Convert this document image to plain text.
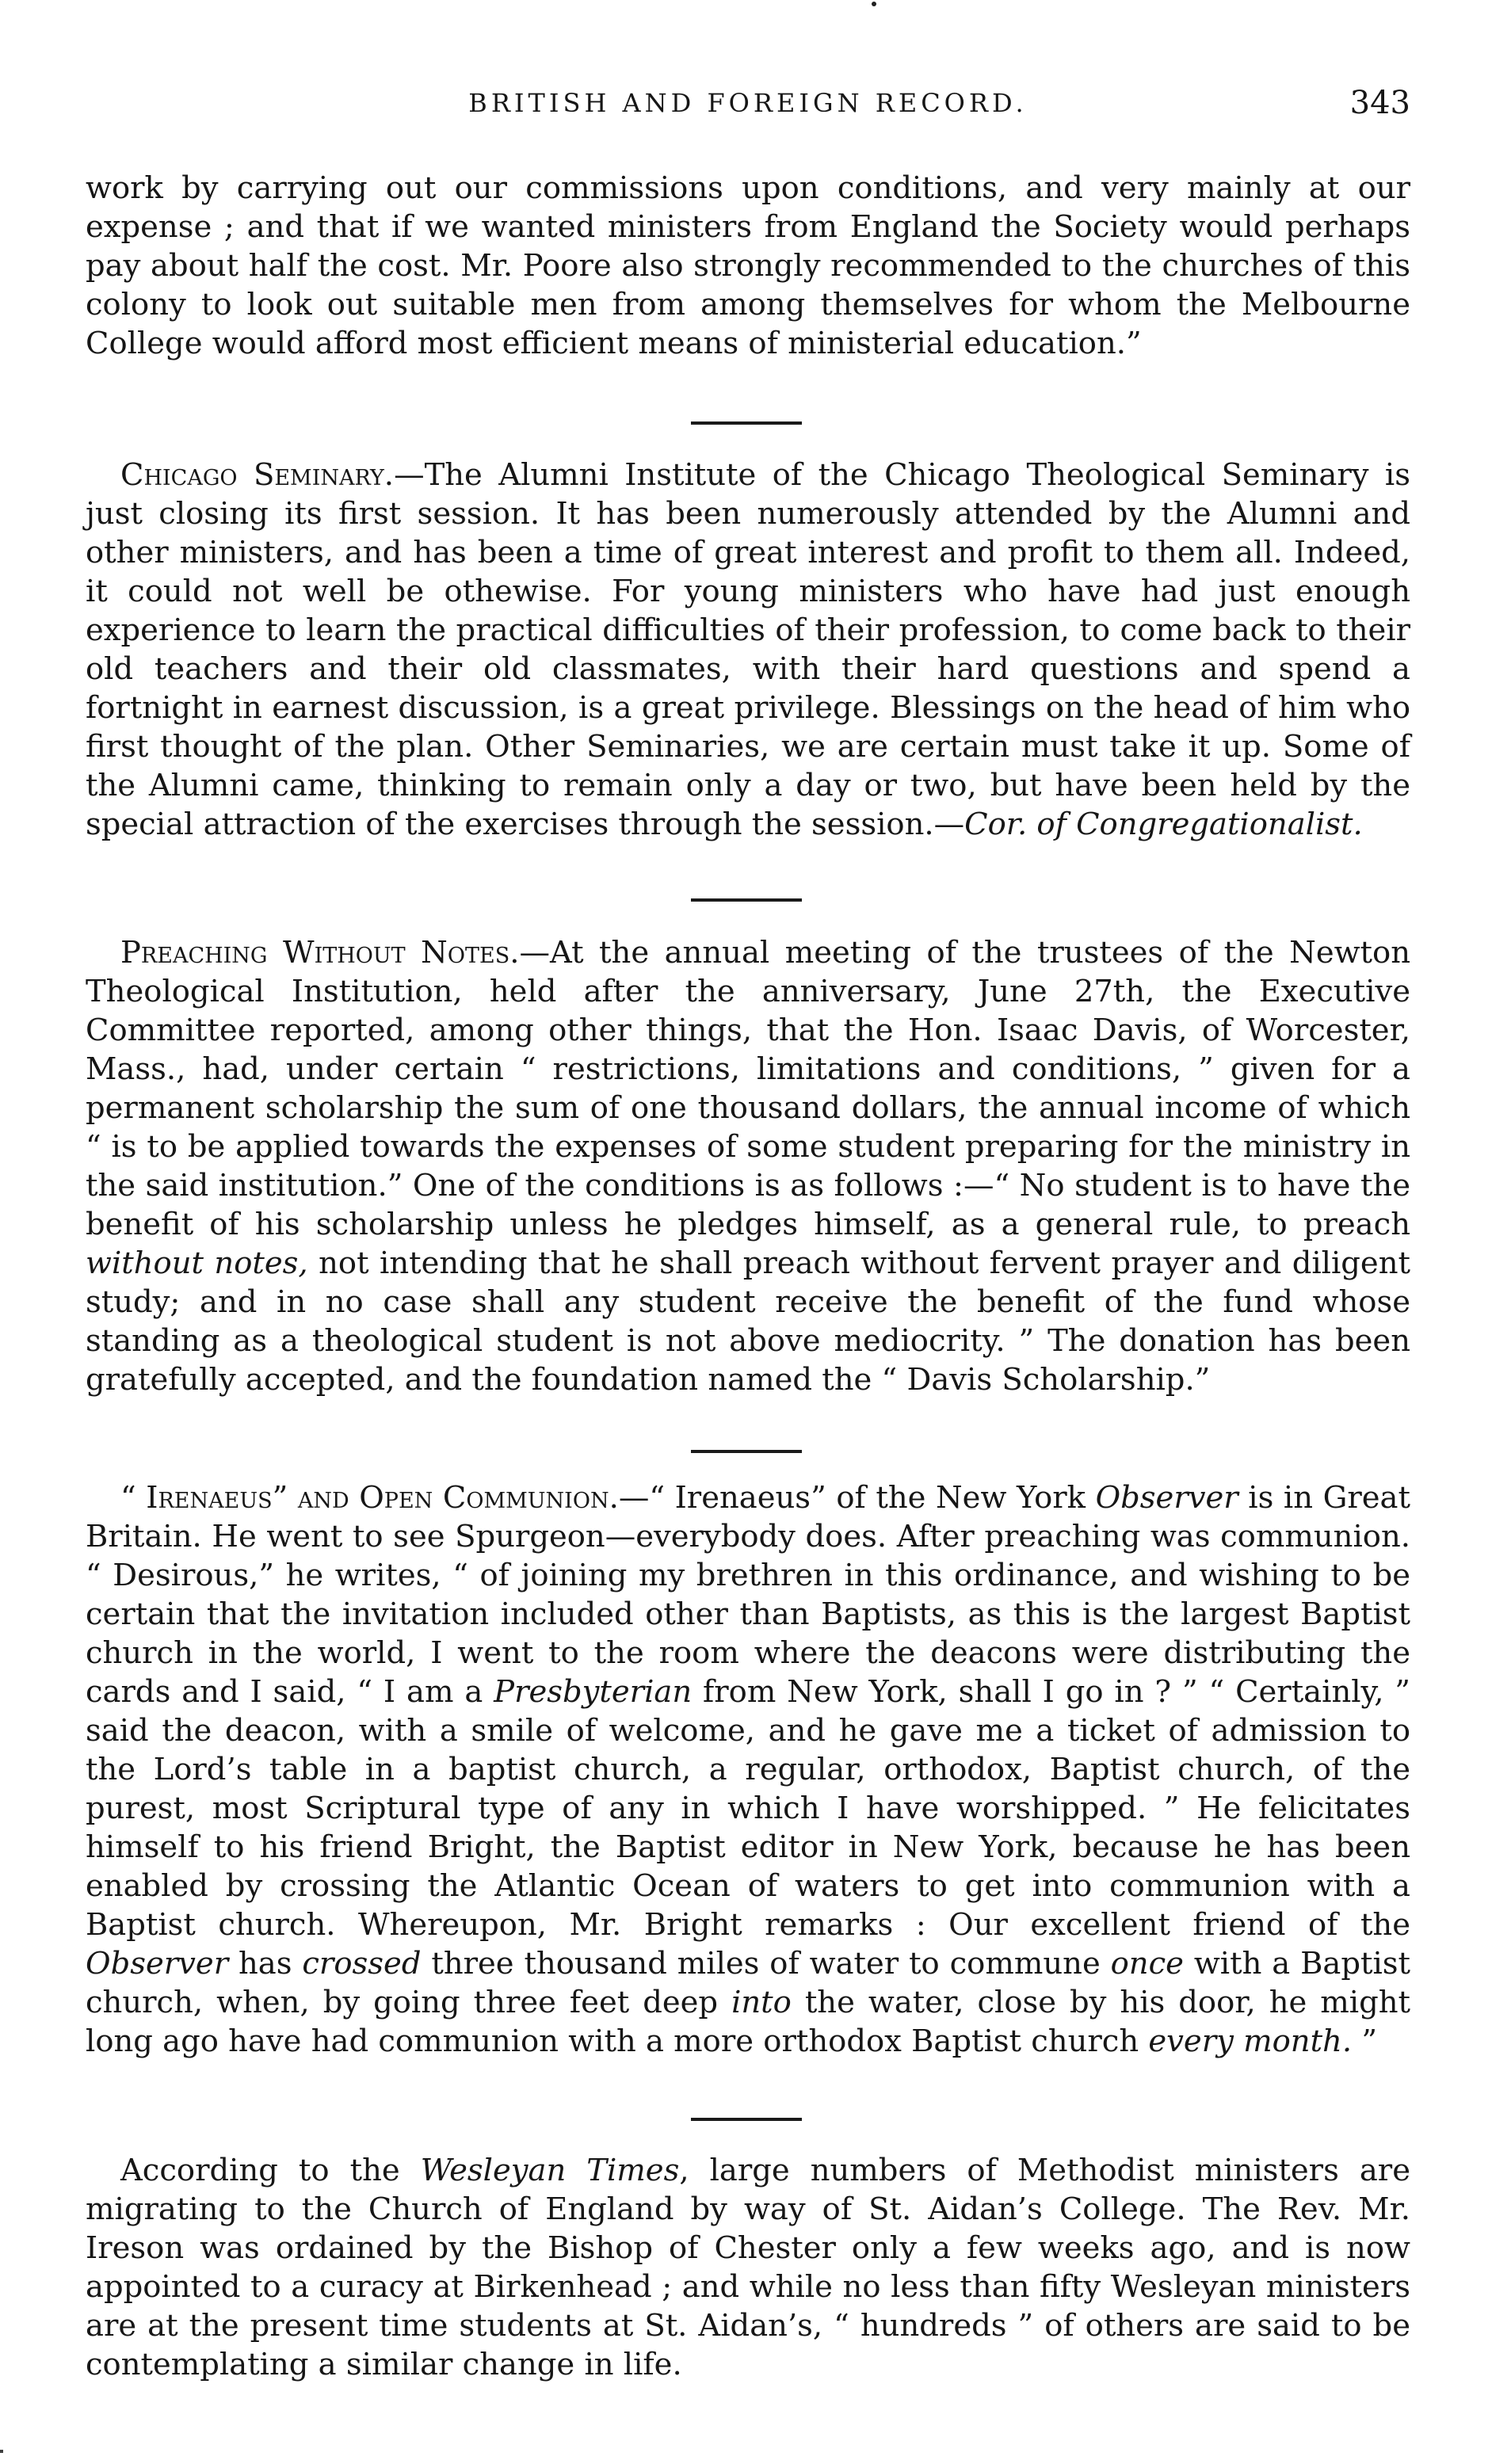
BRITISH AND FOREIGN RECORD.	343

work by carrying out our commissions upon conditions, and very mainly at our expense ; and that if we wanted ministers from England the Society would perhaps pay about half the cost. Mr. Poore also strongly recommended to the churches of this colony to look out suitable men from among themselves for whom the Melbourne College would afford most efficient means of ministerial education.”

Chicago Seminary.—The Alumni Institute of the Chicago Theological Seminary is just closing its first session. It has been numerously attended by the Alumni and other ministers, and has been a time of great interest and profit to them all. Indeed, it could not well be othewise. For young ministers who have had just enough experience to learn the practical difficulties of their profession, to come back to their old teachers and their old classmates, with their hard questions and spend a fortnight in earnest discussion, is a great privilege. Blessings on the head of him who first thought of the plan. Other Seminaries, we are certain must take it up. Some of the Alumni came, thinking to remain only a day or two, but have been held by the special attraction of the exercises through the session.—Cor. of Congregationalist.

Preaching Without Notes.—At the annual meeting of the trustees of the Newton Theological Institution, held after the anniversary, June 27th, the Executive Committee reported, among other things, that the Hon. Isaac Davis, of Worcester, Mass., had, under certain “ restrictions, limitations and conditions, ” given for a permanent scholarship the sum of one thousand dollars, the annual income of which “ is to be applied towards the expenses of some student preparing for the ministry in the said institution.” One of the conditions is as follows :—“ No student is to have the benefit of his scholarship unless he pledges himself, as a general rule, to preach without notes, not intending that he shall preach without fervent prayer and diligent study; and in no case shall any student receive the benefit of the fund whose standing as a theological student is not above mediocrity. ” The donation has been gratefully accepted, and the foundation named the “ Davis Scholarship.”

“ Irenaeus” and Open Communion.—“ Irenaeus” of the New York Observer is in Great Britain. He went to see Spurgeon—everybody does. After preaching was communion. “ Desirous,” he writes, “ of joining my brethren in this ordinance, and wishing to be certain that the invitation included other than Baptists, as this is the largest Baptist church in the world, I went to the room where the deacons were distributing the cards and I said, “ I am a Presbyterian from New York, shall I go in ? ” “ Certainly, ” said the deacon, with a smile of welcome, and he gave me a ticket of admission to the Lord’s table in a baptist church, a regular, orthodox, Baptist church, of the purest, most Scriptural type of any in which I have worshipped. ” He felicitates himself to his friend Bright, the Baptist editor in New York, because he has been enabled by crossing the Atlantic Ocean of waters to get into communion with a Baptist church. Whereupon, Mr. Bright remarks : Our excellent friend of the Observer has crossed three thousand miles of water to commune once with a Baptist church, when, by going three feet deep into the water, close by his door, he might long ago have had communion with a more orthodox Baptist church every month. ”

According to the Wesleyan Times, large numbers of Methodist ministers are migrating to the Church of England by way of St. Aidan’s College. The Rev. Mr. Ireson was ordained by the Bishop of Chester only a few weeks ago, and is now appointed to a curacy at Birkenhead ; and while no less than fifty Wesleyan ministers are at the present time students at St. Aidan’s, “ hundreds ” of others are said to be contemplating a similar change in life.
